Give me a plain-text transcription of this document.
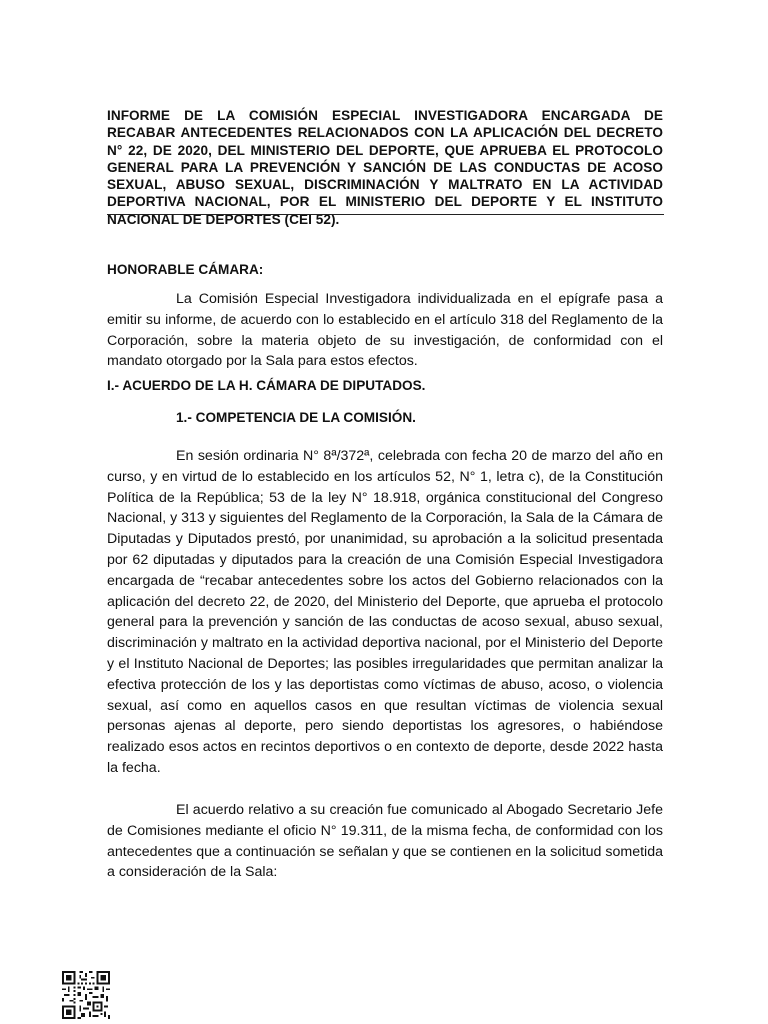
INFORME DE LA COMISIÓN ESPECIAL INVESTIGADORA ENCARGADA DE RECABAR ANTECEDENTES RELACIONADOS CON LA APLICACIÓN DEL DECRETO N° 22, DE 2020, DEL MINISTERIO DEL DEPORTE, QUE APRUEBA EL PROTOCOLO GENERAL PARA LA PREVENCIÓN Y SANCIÓN DE LAS CONDUCTAS DE ACOSO SEXUAL, ABUSO SEXUAL, DISCRIMINACIÓN Y MALTRATO EN LA ACTIVIDAD DEPORTIVA NACIONAL, POR EL MINISTERIO DEL DEPORTE Y EL INSTITUTO NACIONAL DE DEPORTES (CEI 52).
HONORABLE CÁMARA:

La Comisión Especial Investigadora individualizada en el epígrafe pasa a emitir su informe, de acuerdo con lo establecido en el artículo 318 del Reglamento de la Corporación, sobre la materia objeto de su investigación, de conformidad con el mandato otorgado por la Sala para estos efectos.

I.- ACUERDO DE LA H. CÁMARA DE DIPUTADOS.
1.- COMPETENCIA DE LA COMISIÓN.

En sesión ordinaria N° 8ª/372ª, celebrada con fecha 20 de marzo del año en curso, y en virtud de lo establecido en los artículos 52, N° 1, letra c), de la Constitución Política de la República; 53 de la ley N° 18.918, orgánica constitucional del Congreso Nacional, y 313 y siguientes del Reglamento de la Corporación, la Sala de la Cámara de Diputadas y Diputados prestó, por unanimidad, su aprobación a la solicitud presentada por 62 diputadas y diputados para la creación de una Comisión Especial Investigadora encargada de “recabar antecedentes sobre los actos del Gobierno relacionados con la aplicación del decreto 22, de 2020, del Ministerio del Deporte, que aprueba el protocolo general para la prevención y sanción de las conductas de acoso sexual, abuso sexual, discriminación y maltrato en la actividad deportiva nacional, por el Ministerio del Deporte y el Instituto Nacional de Deportes; las posibles irregularidades que permitan analizar la efectiva protección de los y las deportistas como víctimas de abuso, acoso, o violencia sexual, así como en aquellos casos en que resultan víctimas de violencia sexual personas ajenas al deporte, pero siendo deportistas los agresores, o habiéndose realizado esos actos en recintos deportivos o en contexto de deporte, desde 2022 hasta la fecha.

El acuerdo relativo a su creación fue comunicado al Abogado Secretario Jefe de Comisiones mediante el oficio N° 19.311, de la misma fecha, de conformidad con los antecedentes que a continuación se señalan y que se contienen en la solicitud sometida a consideración de la Sala:
